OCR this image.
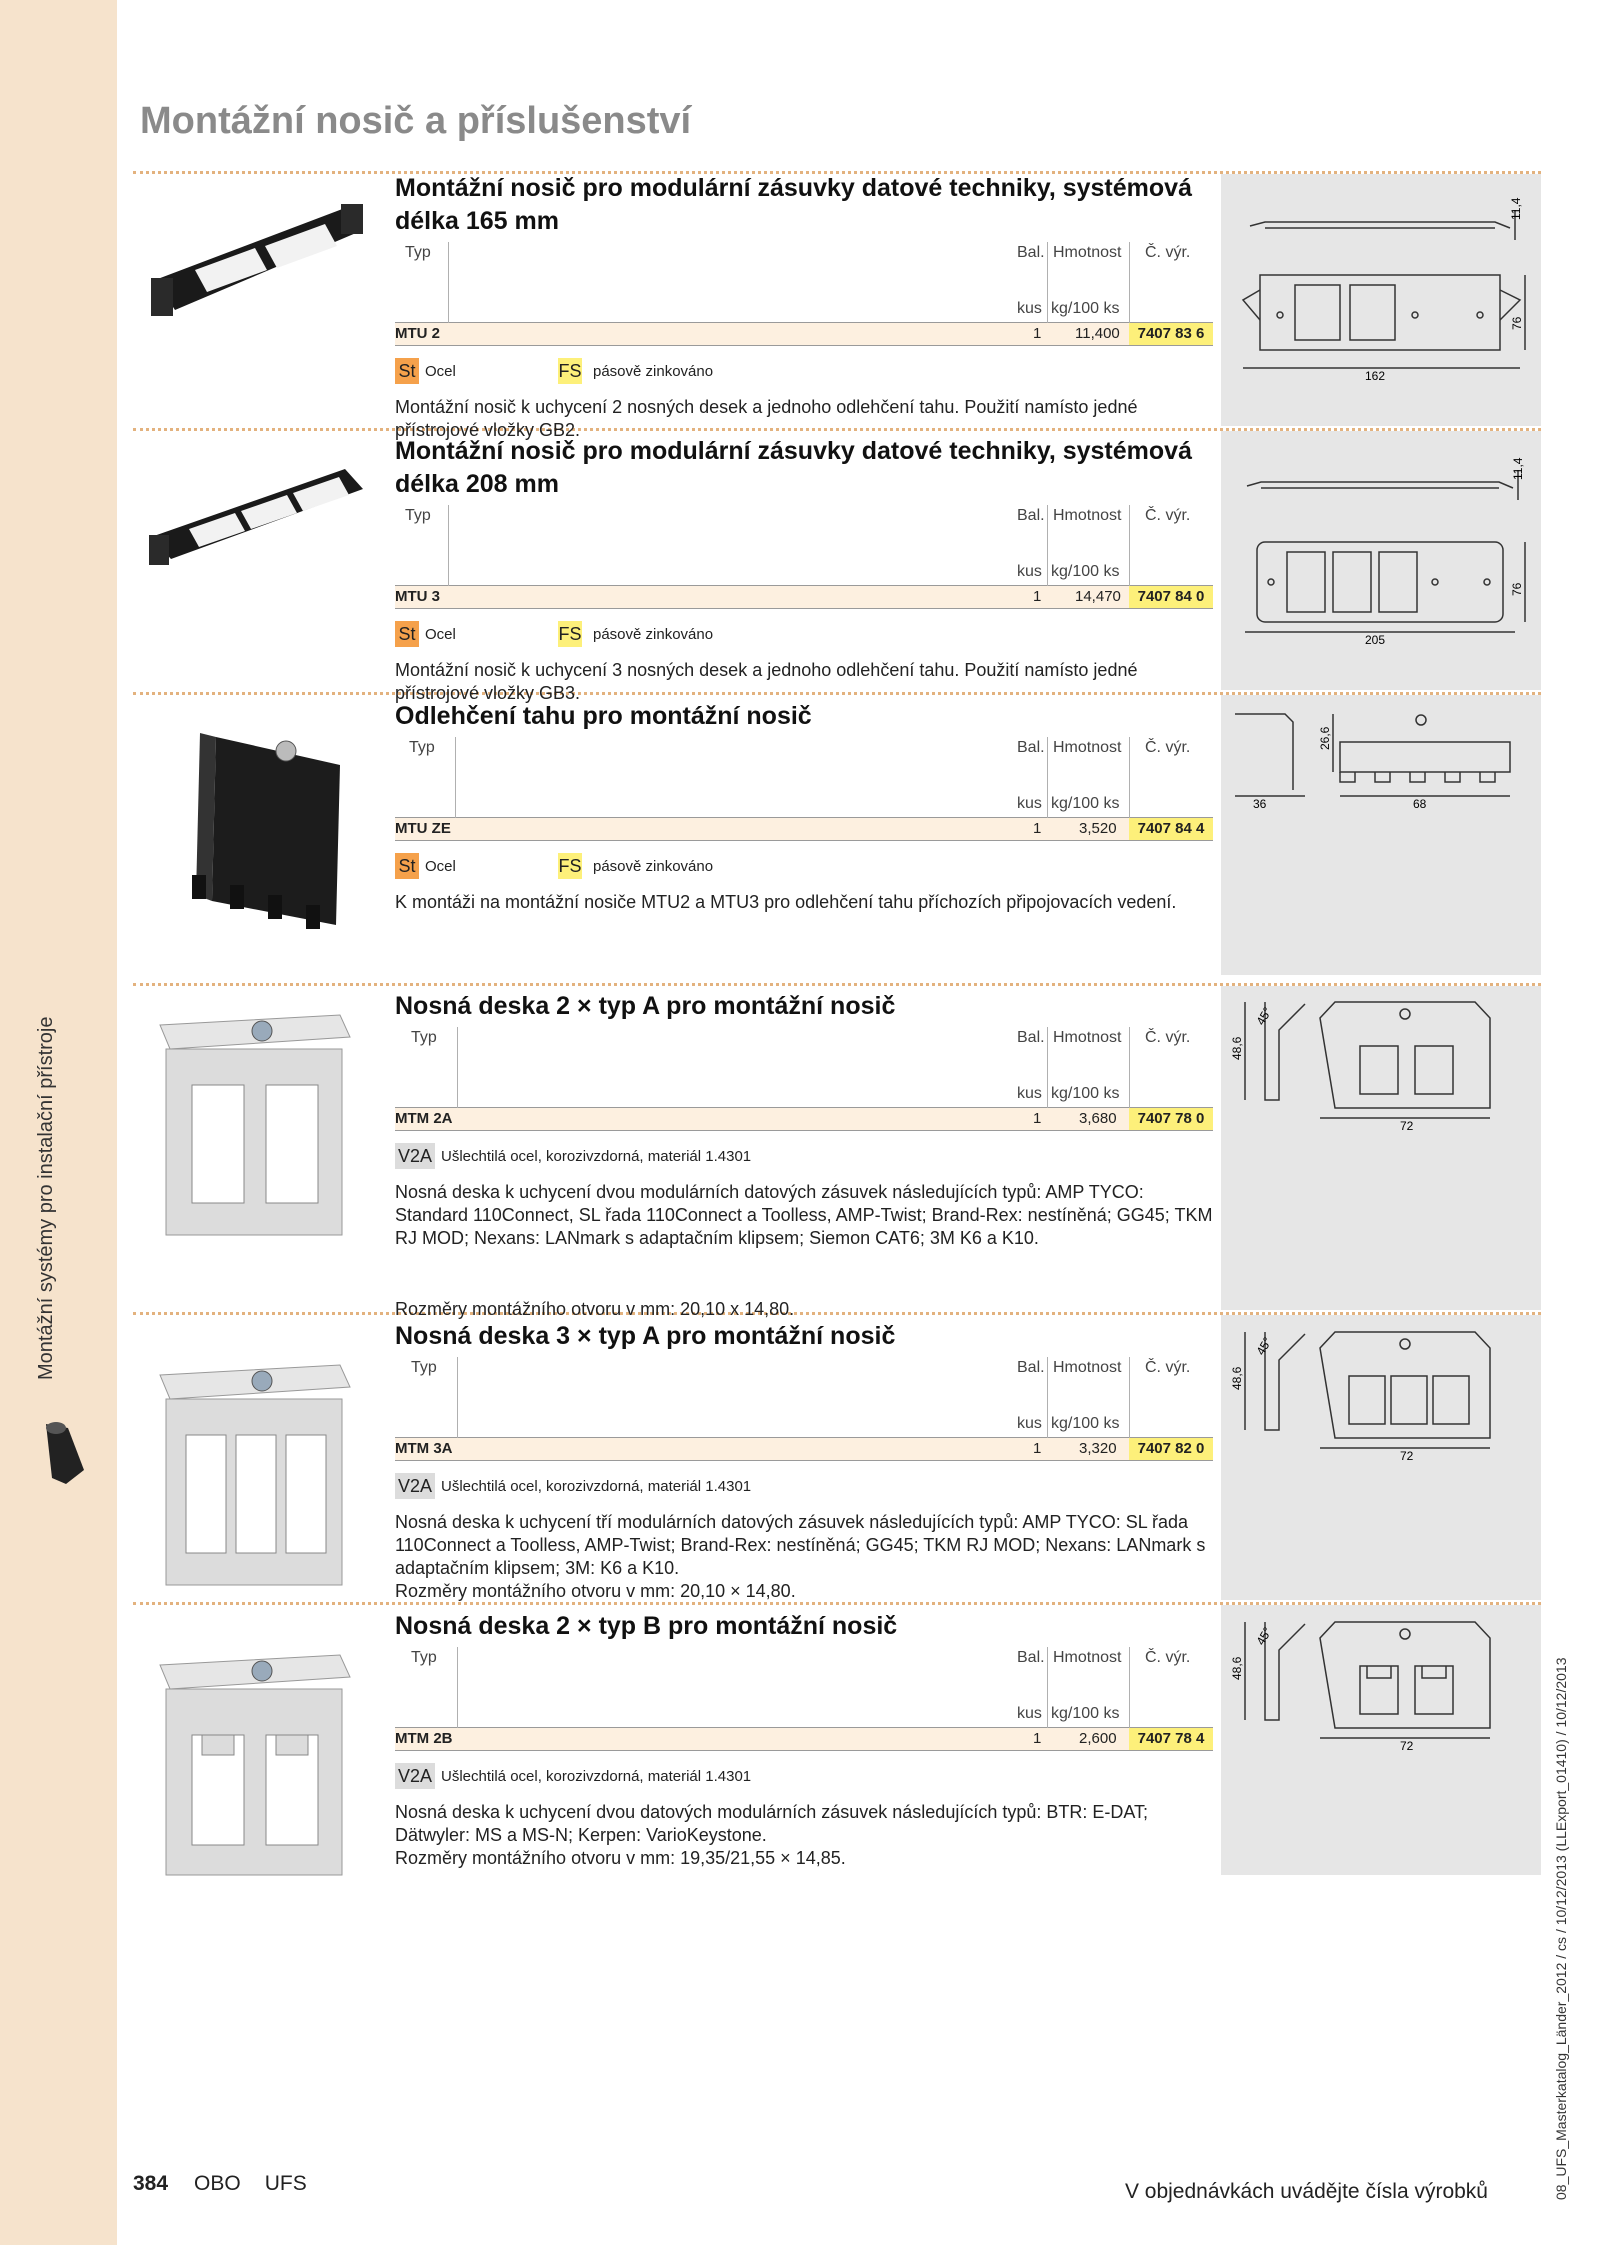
Montážní systémy pro instalační přístroje
Montážní nosič a příslušenství
08_UFS_Masterkatalog_Länder_2012 / cs / 10/12/2013 (LLExport_01410) / 10/12/2013
384 OBO UFS	V objednávkách uvádějte čísla výrobků
Montážní nosič pro modulární zásuvky datové techniky, systémová délka 165 mm
Typ	Bal. Hmotnost Č. výr.
kus kg/100 ks
MTU 2	1 11,400	7407 83 6
St Ocel	FS pásově zinkováno
Montážní nosič k uchycení 2 nosných desek a jednoho odlehčení tahu. Použití namísto jedné přístrojové vložky GB2.
11,4
76
162
Montážní nosič pro modulární zásuvky datové techniky, systémová délka 208 mm
Typ	Bal. Hmotnost Č. výr.
kus kg/100 ks
MTU 3	1 14,470	7407 84 0
St Ocel	FS pásově zinkováno
Montážní nosič k uchycení 3 nosných desek a jednoho odlehčení tahu. Použití namísto jedné přístrojové vložky GB3.
11,4
76
205
Odlehčení tahu pro montážní nosič
Typ	Bal. Hmotnost Č. výr.
kus kg/100 ks
MTU ZE	1	3,520	7407 84 4
St Ocel	FS pásově zinkováno
K montáži na montážní nosiče MTU2 a MTU3 pro odlehčení tahu příchozích připojovacích vedení.
26,6
36	68
Nosná deska 2 × typ A pro montážní nosič
Typ	Bal. Hmotnost Č. výr.
kus kg/100 ks
MTM 2A	1	3,680	7407 78 0
V2A Ušlechtilá ocel, korozivzdorná, materiál 1.4301
Nosná deska k uchycení dvou modulárních datových zásuvek následujících typů: AMP TYCO: Standard 110Connect, SL řada 110Connect a Toolless, AMP-Twist; Brand-Rex: nestíněná; GG45; TKM RJ MOD; Nexans: LANmark s adaptačním klipsem; Siemon CAT6; 3M K6 a K10.
Rozměry montážního otvoru v mm: 20,10 x 14,80.
45°
48,6
72
Nosná deska 3 × typ A pro montážní nosič
Typ	Bal. Hmotnost Č. výr.
kus kg/100 ks
MTM 3A	1	3,320	7407 82 0
V2A Ušlechtilá ocel, korozivzdorná, materiál 1.4301
Nosná deska k uchycení tří modulárních datových zásuvek následujících typů: AMP TYCO: SL řada 110Connect a Toolless, AMP-Twist; Brand-Rex: nestíněná; GG45; TKM RJ MOD; Nexans: LANmark s adaptačním klipsem; 3M: K6 a K10.
Rozměry montážního otvoru v mm: 20,10 × 14,80.
45°
48,6
72
Nosná deska 2 × typ B pro montážní nosič
Typ	Bal. Hmotnost Č. výr.
kus kg/100 ks
MTM 2B	1	2,600	7407 78 4
V2A Ušlechtilá ocel, korozivzdorná, materiál 1.4301
Nosná deska k uchycení dvou datových modulárních zásuvek následujících typů: BTR: E-DAT; Dätwyler: MS a MS-N; Kerpen: VarioKeystone.
Rozměry montážního otvoru v mm: 19,35/21,55 × 14,85.
45°
48,6
72
